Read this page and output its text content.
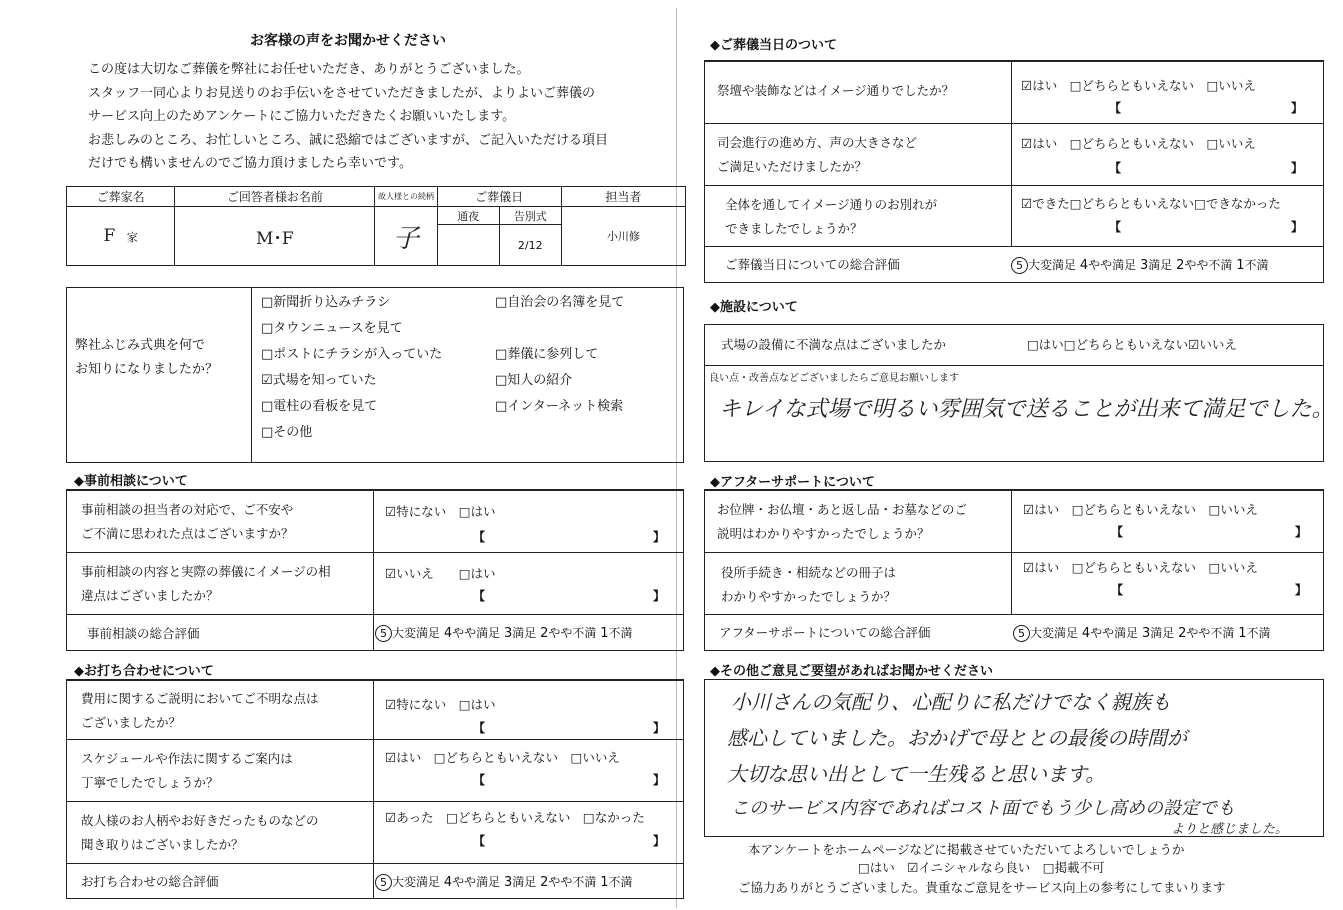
お客様の声をお聞かせください
この度は大切なご葬儀を弊社にお任せいただき、ありがとうございました。
スタッフ一同心よりお見送りのお手伝いをさせていただきましたが、よりよいご葬儀の
サービス向上のためアンケートにご協力いただきたくお願いいたします。
お悲しみのところ、お忙しいところ、誠に恐縮ではございますが、ご記入いただける項目
だけでも構いませんのでご協力頂けましたら幸いです。
ご葬家名	ご回答者様お名前	故人様との続柄	ご葬儀日		担当者
F 家	M･F	子	通夜	告別式	小川修
				2/12	
弊社ふじみ式典を何で
お知りになりましたか？
□新聞折り込みチラシ
□タウンニュースを見て
□ポストにチラシが入っていた
☑式場を知っていた
□電柱の看板を見て
□その他
□自治会の名簿を見て
□葬儀に参列して
□知人の紹介
□インターネット検索
◆事前相談について
事前相談の担当者の対応で、ご不安や
ご不満に思われた点はございますか？
☑特にない　□はい
【	】
事前相談の内容と実際の葬儀にイメージの相
違点はございましたか？
☑いいえ　　□はい
【	】
事前相談の総合評価	5 大変満足 4やや満足 3満足 2やや不満 1不満
◆お打ち合わせについて
費用に関するご説明においてご不明な点は
ございましたか？
☑特にない　□はい
【	】
スケジュールや作法に関するご案内は
丁寧でしたでしょうか？
☑はい　□どちらともいえない　□いいえ
【	】
故人様のお人柄やお好きだったものなどの
聞き取りはございましたか？
☑あった　□どちらともいえない　□なかった
【	】
お打ち合わせの総合評価	5 大変満足 4やや満足 3満足 2やや不満 1不満
◆ご葬儀当日のついて
祭壇や装飾などはイメージ通りでしたか？	☑はい　□どちらともいえない　□いいえ
【	】
司会進行の進め方、声の大きさなど
ご満足いただけましたか？
☑はい　□どちらともいえない　□いいえ
【	】
全体を通してイメージ通りのお別れが
できましたでしょうか？
☑できた□どちらともいえない□できなかった
【	】
ご葬儀当日についての総合評価	5 大変満足 4やや満足 3満足 2やや不満 1不満
◆施設について
式場の設備に不満な点はございましたか	□はい□どちらともいえない☑いいえ
良い点・改善点などございましたらご意見お願いします
キレイな式場で明るい雰囲気で送ることが出来て満足でした。
◆アフターサポートについて
お位牌・お仏壇・あと返し品・お墓などのご
説明はわかりやすかったでしょうか？
☑はい　□どちらともいえない　□いいえ
【	】
役所手続き・相続などの冊子は
わかりやすかったでしょうか？
☑はい　□どちらともいえない　□いいえ
【	】
アフターサポートについての総合評価	5 大変満足 4やや満足 3満足 2やや不満 1不満
◆その他ご意見ご要望があればお聞かせください
小川さんの気配り、心配りに私だけでなく親族も
感心していました。おかげで母ととの最後の時間が
大切な思い出として一生残ると思います。
このサービス内容であればコスト面でもう少し高めの設定でも
よりと感じました。
本アンケートをホームページなどに掲載させていただいてよろしいでしょうか
□はい　☑イニシャルなら良い　□掲載不可
ご協力ありがとうございました。貴重なご意見をサービス向上の参考にしてまいります
